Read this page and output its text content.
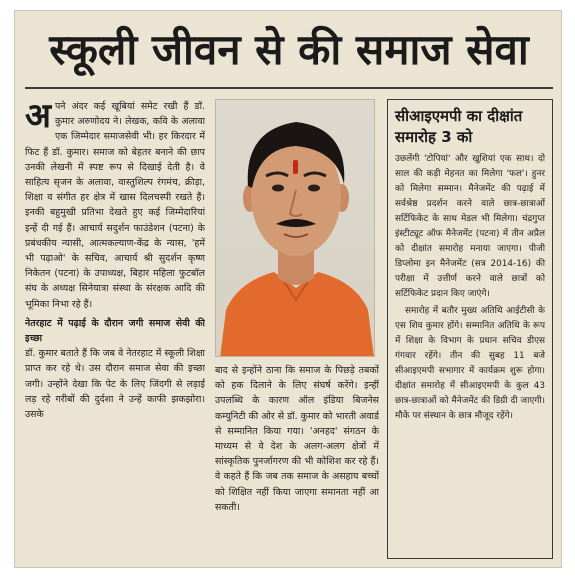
स्कूली जीवन से की समाज सेवा
अ पने अंदर कई खूबियां समेट रखी हैं डॉ. कुमार अरुणोदय ने। लेखक, कवि के अलावा एक जिम्मेदार समाजसेवी भी। हर किरदार में फिट हैं डॉ. कुमार। समाज को बेहतर बनाने की छाप उनकी लेखनी में स्पष्ट रूप से दिखाई देती है। वे साहित्य सृजन के अलावा, वास्तुशिल्प रंगमंच, क्रीड़ा, शिक्षा व संगीत हर क्षेत्र में खास दिलचस्पी रखते हैं। इनकी बहुमुखी प्रतिभा देखते हुए कई जिम्मेदारियां इन्हें दी गई हैं। आचार्य सदुर्शन फाउंडेशन (पटना) के प्रबंधकीय न्यासी, आत्मकल्याण-केंद्र के न्यास, 'हमें भी पढ़ाओ' के सचिव, आचार्य श्री सुदर्शन कृष्ण निकेतन (पटना) के उपाध्यक्ष, बिहार महिला फुटबॉल संघ के अध्यक्ष सिनेयात्रा संस्था के संरक्षक आदि की भूमिका निभा रहे हैं।

नेतरहाट में पढ़ाई के दौरान जगी समाज सेवी की इच्छा

डॉ. कुमार बताते हैं कि जब वे नेतरहाट में स्कूली शिक्षा प्राप्त कर रहे थे। उस दौरान समाज सेवा की इच्छा जगी। उन्होंने देखा कि पेट के लिए जिंदगी से लड़ाई लड़ रहे गरीबों की दुर्दशा ने उन्हें काफी झकझोरा। उसके

बाद से इन्होंने ठाना कि समाज के पिछड़े तबकों को हक दिलाने के लिए संघर्ष करेंगे। इन्हीं उपलब्धि के कारण ऑल इंडिया बिजनेस कम्युनिटी की ओर से डॉ. कुमार को भारती अवार्ड से सम्मानित किया गया। 'अनहद' संगठन के माध्यम से वे देश के अलग-अलग क्षेत्रों में सांस्कृतिक पुनर्जागरण की भी कोशिश कर रहे हैं। वे कहते हैं कि जब तक समाज के असहाय बच्चों को शिक्षित नहीं किया जाएगा समानता नहीं आ सकती।

सीआइएमपी का दीक्षांत समारोह 3 को

उछलेंगी 'टोपियां' और खुशियां एक साथ। दो साल की कड़ी मेहनत का मिलेगा 'फल'। हुनर को मिलेगा सम्मान। मैनेजमेंट की पढ़ाई में सर्वश्रेष्ठ प्रदर्शन करने वाले छात्र-छात्राओं सर्टिफिकेट के साथ मेडल भी मिलेगा। चंद्रगुप्त इंस्टीट्यूट ऑफ मैनेजमेंट (पटना) में तीन अप्रैल को दीक्षांत समारोह मनाया जाएगा। पीजी डिप्लोमा इन मैनेजमेंट (सत्र 2014-16) की परीक्षा में उत्तीर्ण करने वाले छात्रों को सर्टिफिकेट प्रदान किए जाएंगे।

समारोह में बतौर मुख्य अतिथि आईटीसी के एस शिव कुमार होंगे। सम्मानित अतिथि के रूप में शिक्षा के विभाग के प्रधान सचिव डीएस गंगवार रहेंगे। तीन की सुबह 11 बजे सीआइएमपी सभागार में कार्यक्रम शुरू होगा। दीक्षांत समारोह में सीआइएमपी के कुल 43 छात्र-छात्राओं को मैनेजमेंट की डिग्री दी जाएगी। मौके पर संस्थान के छात्र मौजूद रहेंगे।
